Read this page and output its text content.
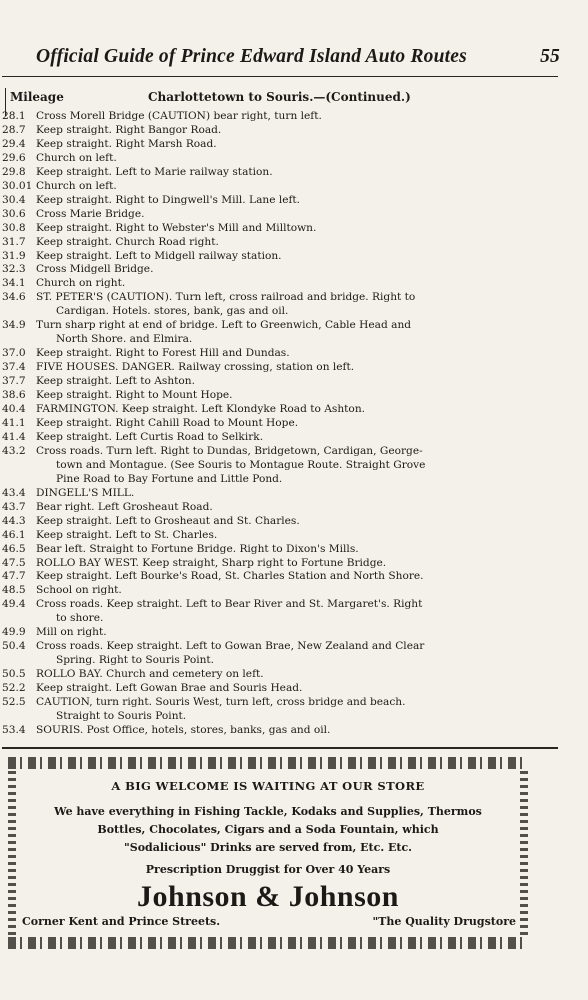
Official Guide of Prince Edward Island Auto Routes	55
Mileage	Charlottetown to Souris.—(Continued.)
28.1 Cross Morell Bridge (CAUTION) bear right, turn left.
28.7 Keep straight. Right Bangor Road.
29.4 Keep straight. Right Marsh Road.
29.6 Church on left.
29.8 Keep straight. Left to Marie railway station.
30.01 Church on left.
30.4 Keep straight. Right to Dingwell's Mill. Lane left.
30.6 Cross Marie Bridge.
30.8 Keep straight. Right to Webster's Mill and Milltown.
31.7 Keep straight. Church Road right.
31.9 Keep straight. Left to Midgell railway station.
32.3 Cross Midgell Bridge.
34.1 Church on right.
34.6 ST. PETER'S (CAUTION). Turn left, cross railroad and bridge. Right to
Cardigan. Hotels. stores, bank, gas and oil.
34.9 Turn sharp right at end of bridge. Left to Greenwich, Cable Head and
North Shore. and Elmira.
37.0 Keep straight. Right to Forest Hill and Dundas.
37.4 FIVE HOUSES. DANGER. Railway crossing, station on left.
37.7 Keep straight. Left to Ashton.
38.6 Keep straight. Right to Mount Hope.
40.4 FARMINGTON. Keep straight. Left Klondyke Road to Ashton.
41.1 Keep straight. Right Cahill Road to Mount Hope.
41.4 Keep straight. Left Curtis Road to Selkirk.
43.2 Cross roads. Turn left. Right to Dundas, Bridgetown, Cardigan, George-
town and Montague. (See Souris to Montague Route. Straight Grove
Pine Road to Bay Fortune and Little Pond.
43.4 DINGELL'S MILL.
43.7 Bear right. Left Grosheaut Road.
44.3 Keep straight. Left to Grosheaut and St. Charles.
46.1 Keep straight. Left to St. Charles.
46.5 Bear left. Straight to Fortune Bridge. Right to Dixon's Mills.
47.5 ROLLO BAY WEST. Keep straight, Sharp right to Fortune Bridge.
47.7 Keep straight. Left Bourke's Road, St. Charles Station and North Shore.
48.5 School on right.
49.4 Cross roads. Keep straight. Left to Bear River and St. Margaret's. Right
to shore.
49.9 Mill on right.
50.4 Cross roads. Keep straight. Left to Gowan Brae, New Zealand and Clear
Spring. Right to Souris Point.
50.5 ROLLO BAY. Church and cemetery on left.
52.2 Keep straight. Left Gowan Brae and Souris Head.
52.5 CAUTION, turn right. Souris West, turn left, cross bridge and beach.
Straight to Souris Point.
53.4 SOURIS. Post Office, hotels, stores, banks, gas and oil.
A BIG WELCOME IS WAITING AT OUR STORE
We have everything in Fishing Tackle, Kodaks and Supplies, Thermos
Bottles, Chocolates, Cigars and a Soda Fountain, which
"Sodalicious" Drinks are served from, Etc. Etc.
Prescription Druggist for Over 40 Years
Johnson & Johnson
Corner Kent and Prince Streets.	"The Quality Drugstore
